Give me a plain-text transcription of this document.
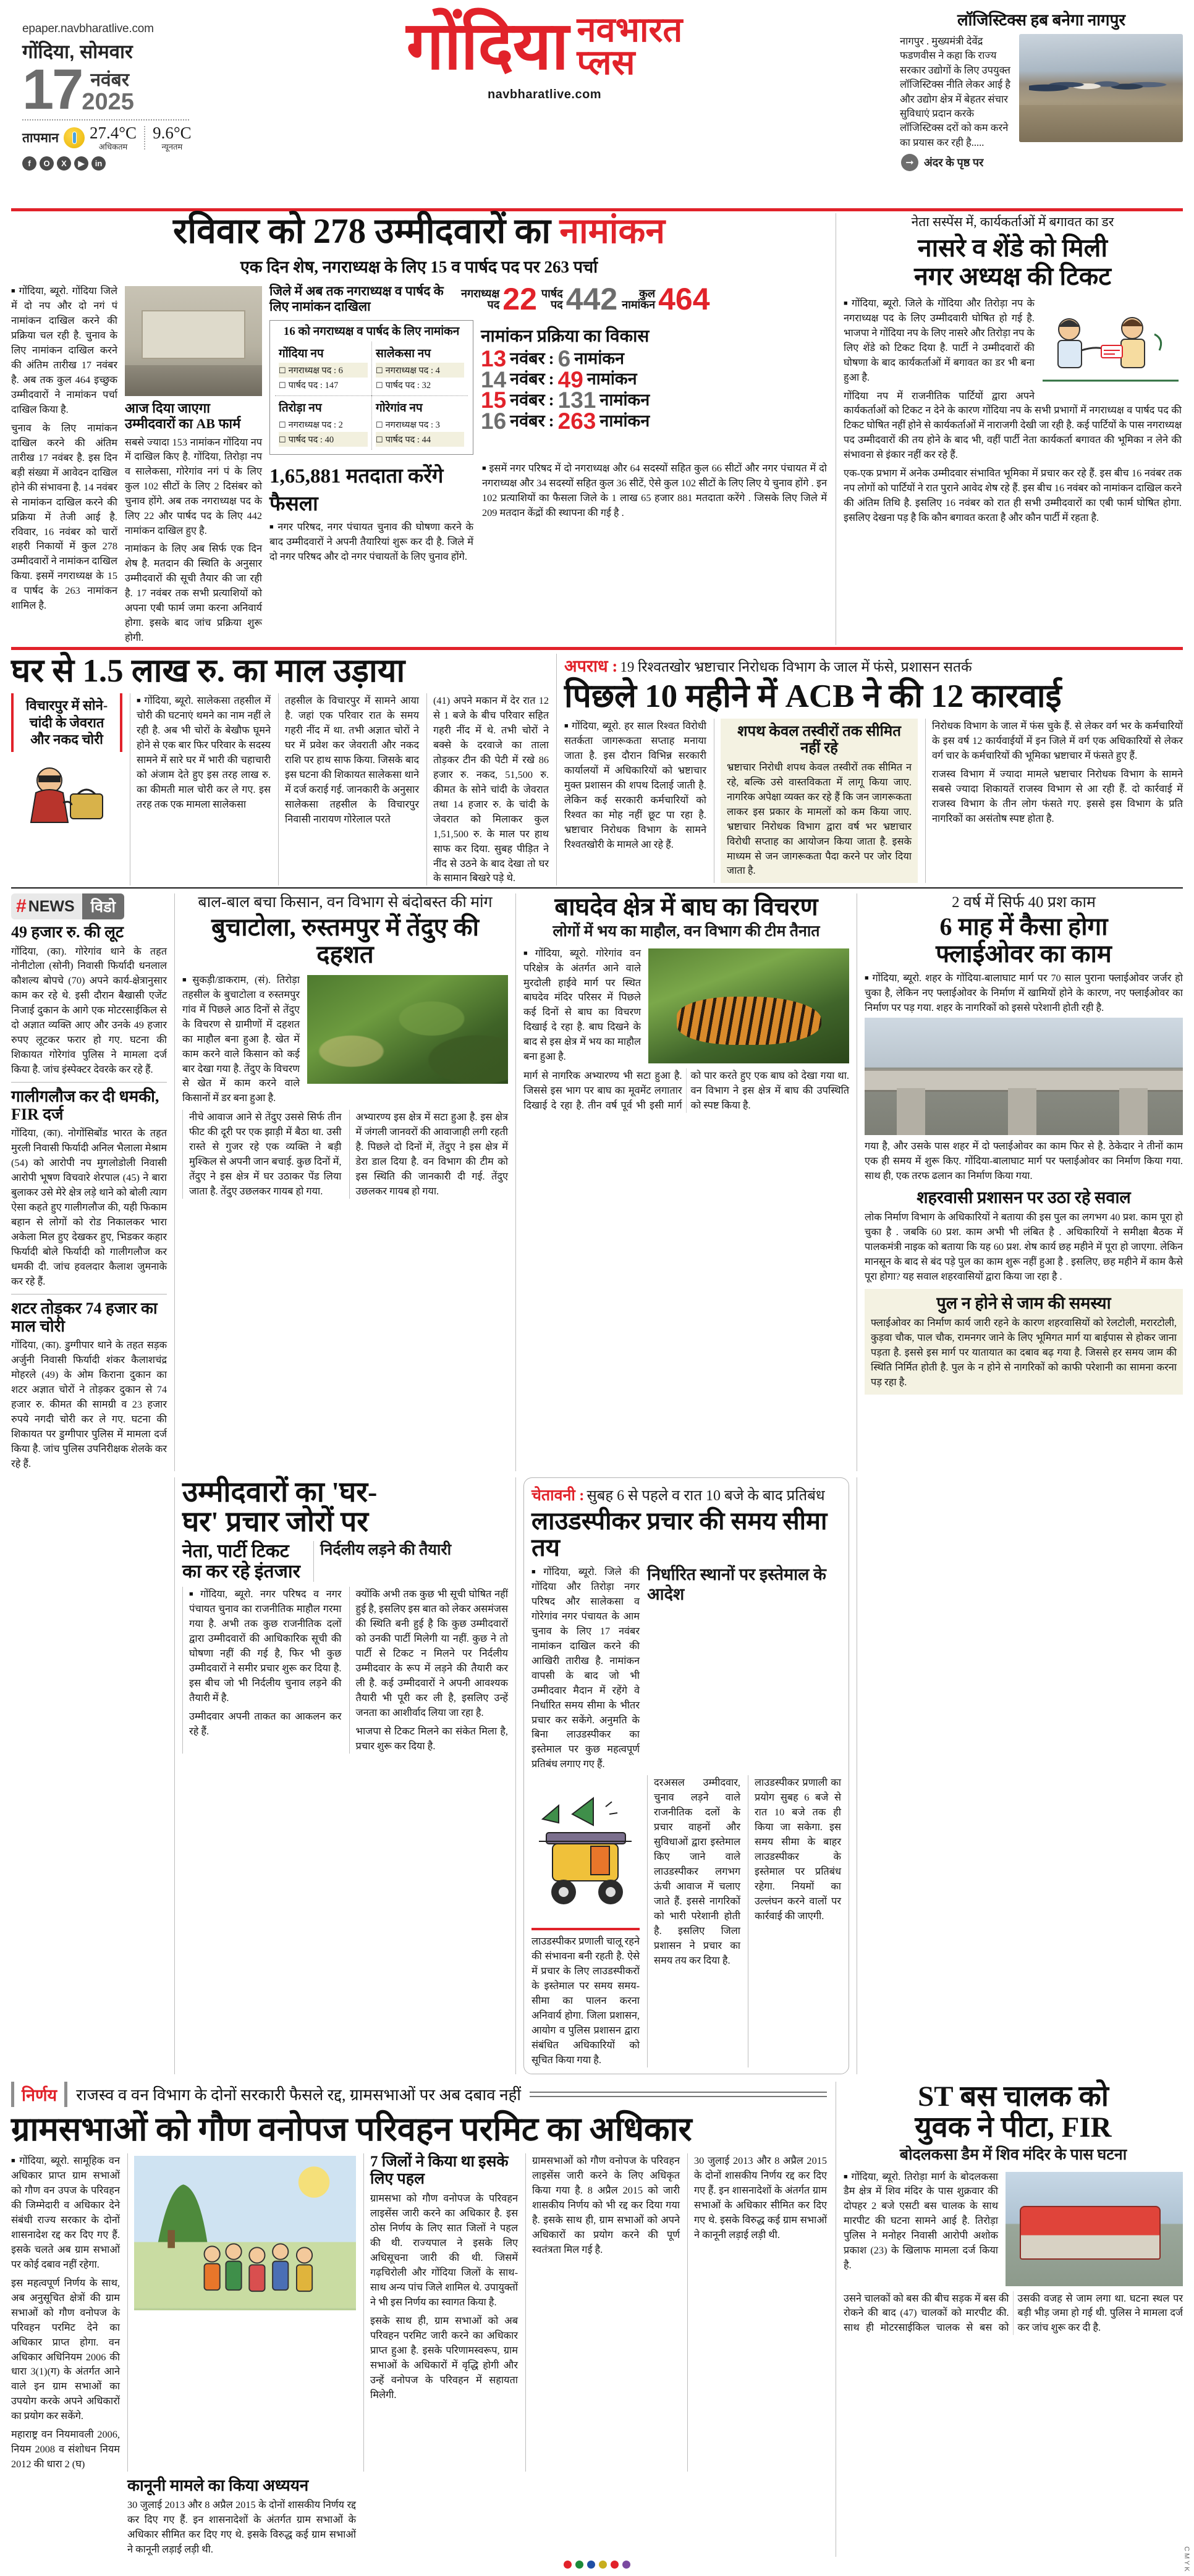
epaper.navbharatlive.com
गोंदिया, सोमवार
17 नवंबर
2025
तापमान 27.4°C
अधिकतम
9.6°C
न्यूनतम
f	O	X	▶	in
गोंदिया नवभारत
प्लस
navbharatlive.com
लॉजिस्टिक्स हब बनेगा नागपुर
नागपुर . मुख्यमंत्री देवेंद्र फडणवीस ने कहा कि राज्य सरकार उद्योगों के लिए उपयुक्त लॉजिस्टिक्स नीति लेकर आई है और उद्योग क्षेत्र में बेहतर संचार सुविधाएं प्रदान करके लॉजिस्टिक्स दरों को कम करने का प्रयास कर रही है.....
➞ अंदर के पृष्ठ पर
रविवार को 278 उम्मीदवारों का नामांकन
एक दिन शेष, नगराध्यक्ष के लिए 15 व पार्षद पद पर 263 पर्चा
■ गोंदिया, ब्यूरो. गोंदिया जिले में दो नप और दो नगं पं नामांकन दाखिल करने की प्रक्रिया चल रही है. चुनाव के लिए नामांकन दाखिल करने की अंतिम तारीख 17 नवंबर है. अब तक कुल 464 इच्छुक उम्मीदवारों ने नामांकन पर्चा दाखिल किया है.
चुनाव के लिए नामांकन दाखिल करने की अंतिम तारीख 17 नवंबर है. इस दिन बड़ी संख्या में आवेदन दाखिल होने की संभावना है. 14 नवंबर से नामांकन दाखिल करने की प्रक्रिया में तेजी आई है. रविवार, 16 नवंबर को चारों शहरी निकायों में कुल 278 उम्मीदवारों ने नामांकन दाखिल किया. इसमें नगराध्यक्ष के 15 व पार्षद के 263 नामांकन शामिल है.
आज दिया जाएगा उम्मीदवारों का AB फार्म
सबसे ज्यादा 153 नामांकन गोंदिया नप में दाखिल किए है. गोंदिया, तिरोड़ा नप व सालेकसा, गोरेगांव नगं पं के लिए कुल 102 सीटों के लिए 2 दिसंबर को चुनाव होंगे. अब तक नगराध्यक्ष पद के लिए 22 और पार्षद पद के लिए 442 नामांकन दाखिल हुए है.
नामांकन के लिए अब सिर्फ एक दिन शेष है. मतदान की स्थिति के अनुसार उम्मीदवारों की सूची तैयार की जा रही है. 17 नवंबर तक सभी प्रत्याशियों को अपना एबी फार्म जमा करना अनिवार्य होगा. इसके बाद जांच प्रक्रिया शुरू होगी.
जिले में अब तक नगराध्यक्ष व पार्षद के लिए नामांकन दाखिला
नगराध्यक्ष
पद 22 पार्षद
पद 442	कुल
नामांकन 464
16 को नगराध्यक्ष व पार्षद के लिए नामांकन
गोंदिया नप
☐ नगराध्यक्ष पद : 6
☐ पार्षद पद : 147
सालेकसा नप
☐ नगराध्यक्ष पद : 4
☐ पार्षद पद : 32
तिरोड़ा नप
☐ नगराध्यक्ष पद : 2
☐ पार्षद पद : 40
गोरेगांव नप
☐ नगराध्यक्ष पद : 3
☐ पार्षद पद : 44
नामांकन प्रक्रिया का विकास
13 नवंबर : 6 नामांकन
14 नवंबर : 49 नामांकन
15 नवंबर : 131 नामांकन
16 नवंबर : 263 नामांकन
1,65,881 मतदाता करेंगे फैसला
■ नगर परिषद, नगर पंचायत चुनाव की घोषणा करने के बाद उम्मीदवारों ने अपनी तैयारियां शुरू कर दी है. जिले में दो नगर परिषद और दो नगर पंचायतों के लिए चुनाव होंगे.
■ इसमें नगर परिषद में दो नगराध्यक्ष और 64 सदस्यों सहित कुल 66 सीटों और नगर पंचायत में दो नगराध्यक्ष और 34 सदस्यों सहित कुल 36 सीटें, ऐसे कुल 102 सीटों के लिए लिए ये चुनाव होंगे . इन 102 प्रत्याशियों का फैसला जिले के 1 लाख 65 हजार 881 मतदाता करेंगे . जिसके लिए जिले में 209 मतदान केंद्रों की स्थापना की गई है .
नेता सस्पेंस में, कार्यकर्ताओं में बगावत का डर
नासरे व शेंडे को मिली
नगर अध्यक्ष की टिकट
■ गोंदिया, ब्यूरो. जिले के गोंदिया और तिरोड़ा नप के नगराध्यक्ष पद के लिए उम्मीदवारी घोषित हो गई है. भाजपा ने गोंदिया नप के लिए नासरे और तिरोड़ा नप के लिए शेंडे को टिकट दिया है. पार्टी ने उम्मीदवारों की घोषणा के बाद कार्यकर्ताओं में बगावत का डर भी बना हुआ है.
गोंदिया नप में राजनीतिक पार्टियों द्वारा अपने कार्यकर्ताओं को टिकट न देने के कारण गोंदिया नप के सभी प्रभागों में नगराध्यक्ष व पार्षद पद की टिकट घोषित नहीं होने से कार्यकर्ताओं में नाराजगी देखी जा रही है. कई पार्टियों के पास नगराध्यक्ष पद उम्मीदवारों की तय होने के बाद भी, वहीं पार्टी नेता कार्यकर्ता बगावत की भूमिका न लेने की संभावना से इंकार नहीं कर रहे हैं.
एक-एक प्रभाग में अनेक उम्मीदवार संभावित भूमिका में प्रचार कर रहे हैं. इस बीच 16 नवंबर तक नप लोगों को पार्टियों ने रात पुराने आवेद शेष रहे हैं. इस बीच 16 नवंबर को नामांकन दाखिल करने की अंतिम तिथि है. इसलिए 16 नवंबर को रात ही सभी उम्मीदवारों का एबी फार्म घोषित होगा. इसलिए देखना पड़ है कि कौन बगावत करता है और कौन पार्टी में रहता है.
घर से 1.5 लाख रु. का माल उड़ाया
विचारपुर में सोने-चांदी के जेवरात और नकद चोरी
■ गोंदिया, ब्यूरो. सालेकसा तहसील में चोरी की घटनाएं थमने का नाम नहीं ले रही है. अब भी चोरों के बेखौफ घूमने होने से एक बार फिर परिवार के सदस्य सामने में सारे घर में भारी की चहाचारी को अंजाम देते हुए इस तरह लाख रु. का कीमती माल चोरी कर ले गए. इस तरह तक एक मामला सालेकसा
तहसील के विचारपुर में सामने आया है. जहां एक परिवार रात के समय गहरी नींद में था. तभी अज्ञात चोरों ने घर में प्रवेश कर जेवराती और नकद राशि पर हाथ साफ किया. जिसके बाद इस घटना की शिकायत सालेकसा थाने में दर्ज कराई गई. जानकारी के अनुसार सालेकसा तहसील के विचारपुर निवासी नारायण गोरेलाल परते
(41) अपने मकान में देर रात 12 से 1 बजे के बीच परिवार सहित गहरी नींद में थे. तभी चोरों ने बक्से के दरवाजे का ताला तोड़कर टीन की पेटी में रखे 86 हजार रु. नकद, 51,500 रु. कीमत के सोने चांदी के जेवरात तथा 14 हजार रु. के चांदी के जेवरात को मिलाकर कुल 1,51,500 रु. के माल पर हाथ साफ कर दिया. सुबह पीड़ित ने नींद से उठने के बाद देखा तो घर के सामान बिखरे पड़े थे.
अपराध : 19 रिश्वतखोर भ्रष्टाचार निरोधक विभाग के जाल में फंसे, प्रशासन सतर्क
पिछले 10 महीने में ACB ने की 12 कारवाई
■ गोंदिया, ब्यूरो. हर साल रिश्वत विरोधी सतर्कता जागरूकता सप्ताह मनाया जाता है. इस दौरान विभिन्न सरकारी कार्यालयों में अधिकारियों को भ्रष्टाचार मुक्त प्रशासन की शपथ दिलाई जाती है. लेकिन कई सरकारी कर्मचारियों को रिश्वत का मोह नहीं छूट पा रहा है. भ्रष्टाचार निरोधक विभाग के सामने रिश्वतखोरी के मामले आ रहे हैं.
शपथ केवल तस्वीरों तक सीमित नहीं रहे
भ्रष्टाचार निरोधी शपथ केवल तस्वीरों तक सीमित न रहे, बल्कि उसे वास्तविकता में लागू किया जाए. नागरिक अपेक्षा व्यक्त कर रहे हैं कि जन जागरूकता लाकर इस प्रकार के मामलों को कम किया जाए. भ्रष्टाचार निरोधक विभाग द्वारा वर्ष भर भ्रष्टाचार विरोधी सप्ताह का आयोजन किया जाता है. इसके माध्यम से जन जागरूकता पैदा करने पर जोर दिया जाता है.
निरोधक विभाग के जाल में फंस चुके हैं. से लेकर वर्ग भर के कर्मचारियों के इस वर्ष 12 कार्यवाईयों में इन जिले में वर्ग एक अधिकारियों से लेकर वर्ग चार के कर्मचारियों की भूमिका भ्रष्टाचार में फंसते हुए हैं.
राजस्व विभाग में ज्यादा मामले भ्रष्टाचार निरोधक विभाग के सामने सबसे ज्यादा शिकायतें राजस्व विभाग से आ रही हैं. दो कार्रवाई में राजस्व विभाग के तीन लोग फंसते गए. इससे इस विभाग के प्रति नागरिकों का असंतोष स्पष्ट होता है.
# NEWS	विडो
49 हजार रु. की लूट
गोंदिया, (का). गोरेगांव थाने के तहत नोनीटोला (सोनी) निवासी फिर्यादी धनलाल कौशल्य बोपचे (70) अपने कार्य-क्षेत्रानुसार काम कर रहे थे. इसी दौरान बैखासी एजेंट निजाई दुकान के आगे एक मोटरसाईकिल से दो अज्ञात व्यक्ति आए और उनके 49 हजार रुपए लूटकर फरार हो गए. घटना की शिकायत गोरेगांव पुलिस ने मामला दर्ज किया है. जांच इंस्पेक्टर देवरके कर रहे हैं.
गालीगलौज कर दी धमकी, FIR दर्ज
गोंदिया, (का). नोगोंसिबोंड भारत के तहत मुरली निवासी फिर्यादी अनिल भैलाला मेश्राम (54) को आरोपी नप मुगलोडोली निवासी आरोपी भूषण विचवारे शेरपाल (45) ने बारा बुलाकर उसे मेरे क्षेत्र लड़े थाने को बोली त्याग ऐसा कहते हुए गालीगलौज की, यही फिकाम बहान से लोगों को रोड निकालकर भारा अकेला मिल हुए देखकर हुए, भिडकर कहार फिर्यादी बोले फिर्यादी को गालीगलौज कर धमकी दी. जांच हवलदार कैलाश जुमनाके कर रहे हैं.
शटर तोड़कर 74 हजार का माल चोरी
गोंदिया, (का). डुग्गीपार थाने के तहत सड़क अर्जुनी निवासी फिर्यादी शंकर कैलाशचंद्र मोहरले (49) के ओम किराना दुकान का शटर अज्ञात चोरों ने तोड़कर दुकान से 74 हजार रु. कीमत की सामग्री व 23 हजार रुपये नगदी चोरी कर ले गए. घटना की शिकायत पर डुग्गीपार पुलिस में मामला दर्ज किया है. जांच पुलिस उपनिरीक्षक शेलके कर रहे हैं.
बाल-बाल बचा किसान, वन विभाग से बंदोबस्त की मांग
बुचाटोला, रुस्तमपुर में तेंदुए की दहशत
■ सुकड़ी/डाकराम, (सं). तिरोड़ा तहसील के बुचाटोला व रुस्तमपुर गांव में पिछले आठ दिनों से तेंदुए के विचरण से ग्रामीणों में दहशत का माहौल बना हुआ है. खेत में काम करने वाले किसान को कई बार देखा गया है. तेंदुए के विचरण से खेत में काम करने वाले किसानों में डर बना हुआ है.
नीचे आवाज आने से तेंदुए उससे सिर्फ तीन फीट की दूरी पर एक झाड़ी में बैठा था. उसी रास्ते से गुजर रहे एक व्यक्ति ने बड़ी मुश्किल से अपनी जान बचाई. कुछ दिनों में, तेंदुए ने इस क्षेत्र में घर उठाकर पेंड लिया जाता है. तेंदुए उछलकर गायब हो गया.
अभ्यारण्य इस क्षेत्र में सटा हुआ है. इस क्षेत्र में जंगली जानवरों की आवाजाही लगी रहती है. पिछले दो दिनों में, तेंदुए ने इस क्षेत्र में डेरा डाल दिया है. वन विभाग की टीम को इस स्थिति की जानकारी दी गई. तेंदुए उछलकर गायब हो गया.
बाघदेव क्षेत्र में बाघ का विचरण
लोगों में भय का माहौल, वन विभाग की टीम तैनात
■ गोंदिया, ब्यूरो. गोरेगांव वन परिक्षेत्र के अंतर्गत आने वाले मुरदोली हाईवे मार्ग पर स्थित बाघदेव मंदिर परिसर में पिछले कई दिनों से बाघ का विचरण दिखाई दे रहा है. बाघ दिखने के बाद से इस क्षेत्र में भय का माहौल बना हुआ है.
मार्ग से नागरिक अभ्यारण्य भी सटा हुआ है. जिससे इस भाग पर बाघ का मूवमेंट लगातार दिखाई दे रहा है. तीन वर्ष पूर्व भी इसी मार्ग को पार करते हुए एक बाघ को देखा गया था. वन विभाग ने इस क्षेत्र में बाघ की उपस्थिति को स्पष्ट किया है.
2 वर्ष में सिर्फ 40 प्रश काम
6 माह में कैसा होगा
फ्लाईओवर का काम
■ गोंदिया, ब्यूरो. शहर के गोंदिया-बालाघाट मार्ग पर 70 साल पुराना फ्लाईओवर जर्जर हो चुका है, लेकिन नए फ्लाईओवर के निर्माण में खामियों होने के कारण, नए फ्लाईओवर का निर्माण पर पड़ गया. शहर के नागरिकों को इससे परेशानी होती रही है.
गया है, और उसके पास शहर में दो फ्लाईओवर का काम फिर से है. ठेकेदार ने तीनों काम एक ही समय में शुरू किए. गोंदिया-बालाघाट मार्ग पर फ्लाईओवर का निर्माण किया गया. साथ ही, एक तरफ ढलान का निर्माण किया गया.
शहरवासी प्रशासन पर उठा रहे सवाल
लोक निर्माण विभाग के अधिकारियों ने बताया की इस पुल का लगभग 40 प्रश. काम पूरा हो चुका है . जबकि 60 प्रश. काम अभी भी लंबित है . अधिकारियों ने समीक्षा बैठक में पालकमंत्री नाइक को बताया कि यह 60 प्रश. शेष कार्य छह महीने में पूरा हो जाएगा. लेकिन मानसून के बाद से बंद पड़े पुल का काम शुरू नहीं हुआ है . इसलिए, छह महीने में काम कैसे पूरा होगा? यह सवाल शहरवासियों द्वारा किया जा रहा है .
पुल न होने से जाम की समस्या
फ्लाईओवर का निर्माण कार्य जारी रहने के कारण शहरवासियों को रेलटोली, मरारटोली, कुड़वा चौक, पाल चौक, रामनगर जाने के लिए भूमिगत मार्ग या बाईपास से होकर जाना पड़ता है. इससे इस मार्ग पर यातायात का दबाव बढ़ गया है. जिससे हर समय जाम की स्थिति निर्मित होती है. पुल के न होने से नागरिकों को काफी परेशानी का सामना करना पड़ रहा है.
उम्मीदवारों का 'घर-
घर' प्रचार जोरों पर
नेता, पार्टी टिकट
का कर रहे इंतजार
निर्दलीय लड़ने की तैयारी
■ गोंदिया, ब्यूरो. नगर परिषद व नगर पंचायत चुनाव का राजनीतिक माहौल गरमा गया है. अभी तक कुछ राजनीतिक दलों द्वारा उम्मीदवारों की आधिकारिक सूची की घोषणा नहीं की गई है, फिर भी कुछ उम्मीदवारों ने समीर प्रचार शुरू कर दिया है. इस बीच जो भी निर्दलीय चुनाव लड़ने की तैयारी में है.
उम्मीदवार अपनी ताकत का आकलन कर रहे हैं.
क्योंकि अभी तक कुछ भी सूची घोषित नहीं हुई है, इसलिए इस बात को लेकर असमंजस की स्थिति बनी हुई है कि कुछ उम्मीदवारों को उनकी पार्टी मिलेगी या नहीं. कुछ ने तो पार्टी से टिकट न मिलने पर निर्दलीय उम्मीदवार के रूप में लड़ने की तैयारी कर ली है. कई उम्मीदवारों ने अपनी आवश्यक तैयारी भी पूरी कर ली है, इसलिए उन्हें जनता का आशीर्वाद लिया जा रहा है.
भाजपा से टिकट मिलने का संकेत मिला है, प्रचार शुरू कर दिया है.
चेतावनी : सुबह 6 से पहले व रात 10 बजे के बाद प्रतिबंध
लाउडस्पीकर प्रचार की समय सीमा तय
■ गोंदिया, ब्यूरो. जिले की गोंदिया और तिरोड़ा नगर परिषद और सालेकसा व गोरेगांव नगर पंचायत के आम चुनाव के लिए 17 नवंबर नामांकन दाखिल करने की आखिरी तारीख है. नामांकन वापसी के बाद जो भी उम्मीदवार मैदान में रहेंगे वे निर्धारित समय सीमा के भीतर प्रचार कर सकेंगे. अनुमति के बिना लाउडस्पीकर का इस्तेमाल पर कुछ महत्वपूर्ण प्रतिबंध लगाए गए हैं.
निर्धारित स्थानों पर इस्तेमाल के आदेश
लाउडस्पीकर प्रणाली चालू रहने की संभावना बनी रहती है. ऐसे में प्रचार के लिए लाउडस्पीकरों के इस्तेमाल पर समय समय-सीमा का पालन करना अनिवार्य होगा. जिला प्रशासन, आयोग व पुलिस प्रशासन द्वारा संबंधित अधिकारियों को सूचित किया गया है.
दरअसल उम्मीदवार, चुनाव लड़ने वाले राजनीतिक दलों के प्रचार वाहनों और सुविधाओं द्वारा इस्तेमाल किए जाने वाले लाउडस्पीकर लगभग ऊंची आवाज में चलाए जाते हैं. इससे नागरिकों को भारी परेशानी होती है. इसलिए जिला प्रशासन ने प्रचार का समय तय कर दिया है.
लाउडस्पीकर प्रणाली का प्रयोग सुबह 6 बजे से रात 10 बजे तक ही किया जा सकेगा. इस समय सीमा के बाहर लाउडस्पीकर के इस्तेमाल पर प्रतिबंध रहेगा. नियमों का उल्लंघन करने वालों पर कार्रवाई की जाएगी.
निर्णय	राजस्व व वन विभाग के दोनों सरकारी फैसले रद्द, ग्रामसभाओं पर अब दबाव नहीं
ग्रामसभाओं को गौण वनोपज परिवहन परमिट का अधिकार
■ गोंदिया, ब्यूरो. सामूहिक वन अधिकार प्राप्त ग्राम सभाओं को गौण वन उपज के परिवहन की जिम्मेदारी व अधिकार देने संबंधी राज्य सरकार के दोनों शासनादेश रद्द कर दिए गए हैं. इसके चलते अब ग्राम सभाओं पर कोई दबाव नहीं रहेगा.
इस महत्वपूर्ण निर्णय के साथ, अब अनुसूचित क्षेत्रों की ग्राम सभाओं को गौण वनोपज के परिवहन परमिट देने का अधिकार प्राप्त होगा. वन अधिकार अधिनियम 2006 की धारा 3(1)(ग) के अंतर्गत आने वाले इन ग्राम सभाओं का उपयोग करके अपने अधिकारों का प्रयोग कर सकेंगे.
महाराष्ट्र वन नियमावली 2006, नियम 2008 व संशोधन नियम 2012 की धारा 2 (घ)
7 जिलों ने किया था इसके लिए पहल
ग्रामसभा को गौण वनोपज के परिवहन लाइसेंस जारी करने का अधिकार है. इस ठोस निर्णय के लिए सात जिलों ने पहल की थी. राज्यपाल ने इसके लिए अधिसूचना जारी की थी. जिसमें गढ़चिरोली और गोंदिया जिलों के साथ-साथ अन्य पांच जिले शामिल थे. उपायुक्तों ने भी इस निर्णय का स्वागत किया है.
इसके साथ ही, ग्राम सभाओं को अब परिवहन परमिट जारी करने का अधिकार प्राप्त हुआ है. इसके परिणामस्वरूप, ग्राम सभाओं के अधिकारों में वृद्धि होगी और उन्हें वनोपज के परिवहन में सहायता मिलेगी.
ग्रामसभाओं को गौण वनोपज के परिवहन लाइसेंस जारी करने के लिए अधिकृत किया गया है. 8 अप्रैल 2015 को जारी शासकीय निर्णय को भी रद्द कर दिया गया है. इसके साथ ही, ग्राम सभाओं को अपने अधिकारों का प्रयोग करने की पूर्ण स्वतंत्रता मिल गई है.
30 जुलाई 2013 और 8 अप्रैल 2015 के दोनों शासकीय निर्णय रद्द कर दिए गए हैं. इन शासनादेशों के अंतर्गत ग्राम सभाओं के अधिकार सीमित कर दिए गए थे. इसके विरुद्ध कई ग्राम सभाओं ने कानूनी लड़ाई लड़ी थी.
कानूनी मामले का किया अध्ययन
30 जुलाई 2013 और 8 अप्रैल 2015 के दोनों शासकीय निर्णय रद्द कर दिए गए हैं. इन शासनादेशों के अंतर्गत ग्राम सभाओं के अधिकार सीमित कर दिए गए थे. इसके विरुद्ध कई ग्राम सभाओं ने कानूनी लड़ाई लड़ी थी.
ST बस चालक को
युवक ने पीटा, FIR
बोदलकसा डैम में शिव मंदिर के पास घटना
■ गोंदिया, ब्यूरो. तिरोड़ा मार्ग के बोदलकसा डैम क्षेत्र में शिव मंदिर के पास शुक्रवार की दोपहर 2 बजे एसटी बस चालक के साथ मारपीट की घटना सामने आई है. तिरोड़ा पुलिस ने मनोहर निवासी आरोपी अशोक प्रकाश (23) के खिलाफ मामला दर्ज किया है.
उसने चालकों को बस की बीच सड़क में बस की रोकने की बाद (47) चालकों को मारपीट की. साथ ही मोटरसाईकिल चालक से बस को उसकी वजह से जाम लगा था. घटना स्थल पर बड़ी भीड़ जमा हो गई थी. पुलिस ने मामला दर्ज कर जांच शुरू कर दी है.
C M Y K
